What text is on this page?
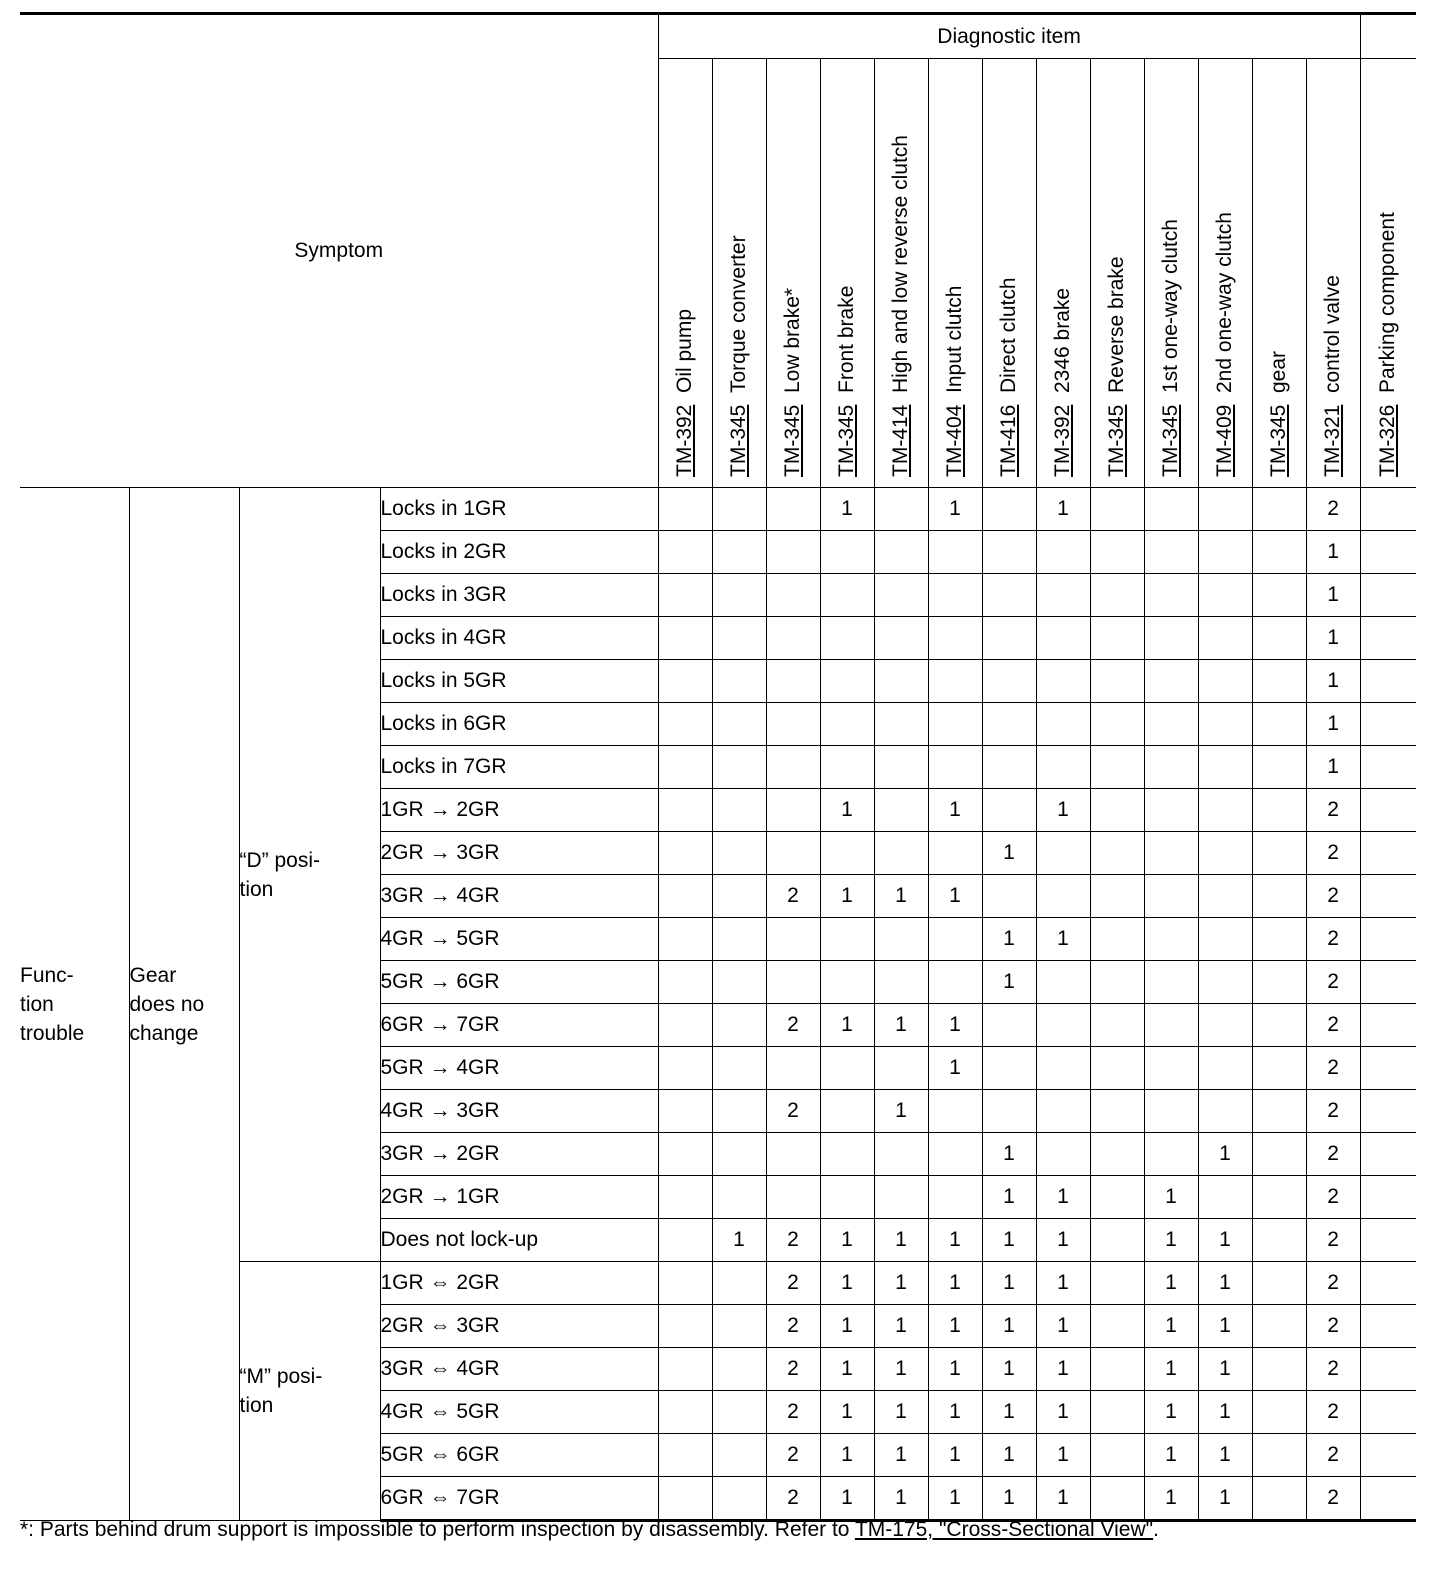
Symptom				Diagnostic item													

				TM-392Oil pump	TM-345Torque converter	TM-345Low brake*	TM-345Front brake	TM-414High and low reverse clutch	TM-404Input clutch	TM-416Direct clutch	TM-3922346 brake	TM-345Reverse brake	TM-3451st one-way clutch	TM-4092nd one-way clutch	TM-345gear	TM-321control valve	TM-326Parking component

Func-
tion
trouble	Gear
does no
change	“D” posi-
tion	Locks in 1GR				1		1		1					2	
			Locks in 2GR													1	
			Locks in 3GR													1	
			Locks in 4GR													1	
			Locks in 5GR													1	
			Locks in 6GR													1	
			Locks in 7GR													1	
			1GR → 2GR				1		1		1					2	
			2GR → 3GR							1						2	
			3GR → 4GR			2	1	1	1							2	
			4GR → 5GR							1	1					2	
			5GR → 6GR							1						2	
			6GR → 7GR			2	1	1	1							2	
			5GR → 4GR						1							2	
			4GR → 3GR			2		1								2	
			3GR → 2GR							1				1		2	
			2GR → 1GR							1	1		1			2	
			Does not lock-up		1	2	1	1	1	1	1		1	1		2	
		“M” posi-
tion	1GR ⇔ 2GR			2	1	1	1	1	1		1	1		2	
			2GR ⇔ 3GR			2	1	1	1	1	1		1	1		2	
			3GR ⇔ 4GR			2	1	1	1	1	1		1	1		2	
			4GR ⇔ 5GR			2	1	1	1	1	1		1	1		2	
			5GR ⇔ 6GR			2	1	1	1	1	1		1	1		2	
			6GR ⇔ 7GR			2	1	1	1	1	1		1	1		2	
*: Parts behind drum support is impossible to perform inspection by disassembly. Refer to TM-175, "Cross-Sectional View".
